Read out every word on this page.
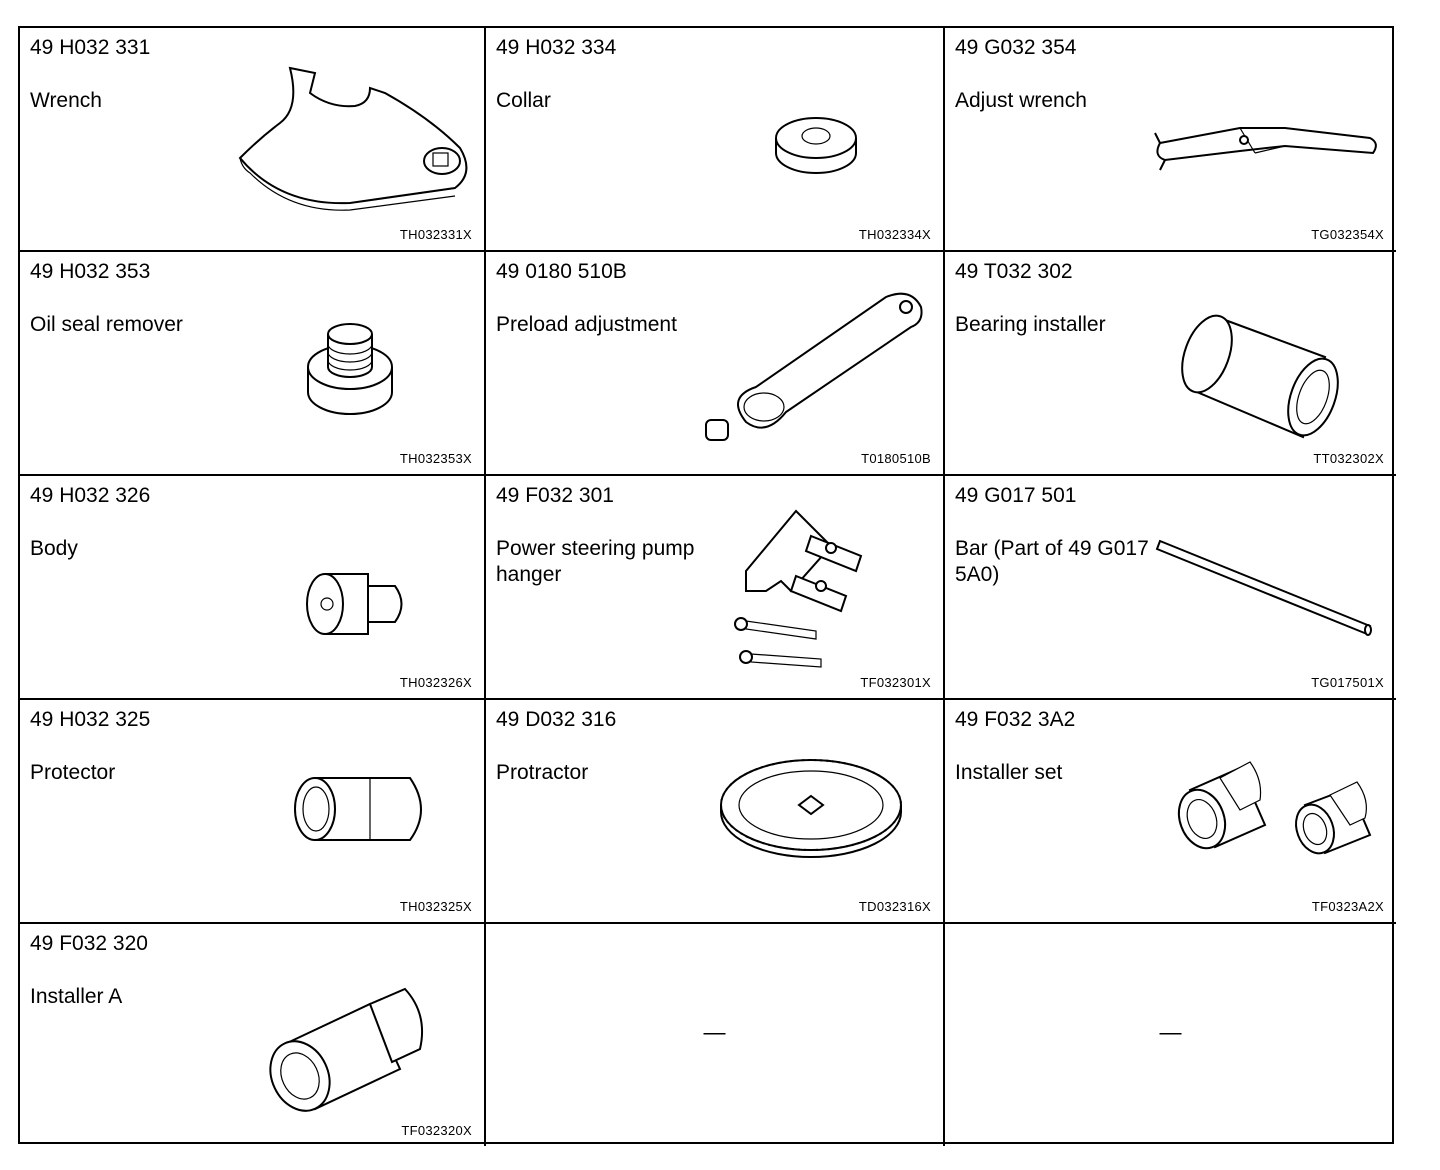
49 H032 331
Wrench
TH032331X
49 H032 334
Collar
TH032334X
49 G032 354
Adjust wrench
TG032354X
49 H032 353
Oil seal remover
TH032353X
49 0180 510B
Preload adjustment
T0180510B
49 T032 302
Bearing installer
TT032302X
49 H032 326
Body
TH032326X
49 F032 301
Power steering pump hanger
TF032301X
49 G017 501
Bar (Part of 49 G017 5A0)
TG017501X
49 H032 325
Protector
TH032325X
49 D032 316
Protractor
TD032316X
49 F032 3A2
Installer set
TF0323A2X
49 F032 320
Installer A
TF032320X
—	—
